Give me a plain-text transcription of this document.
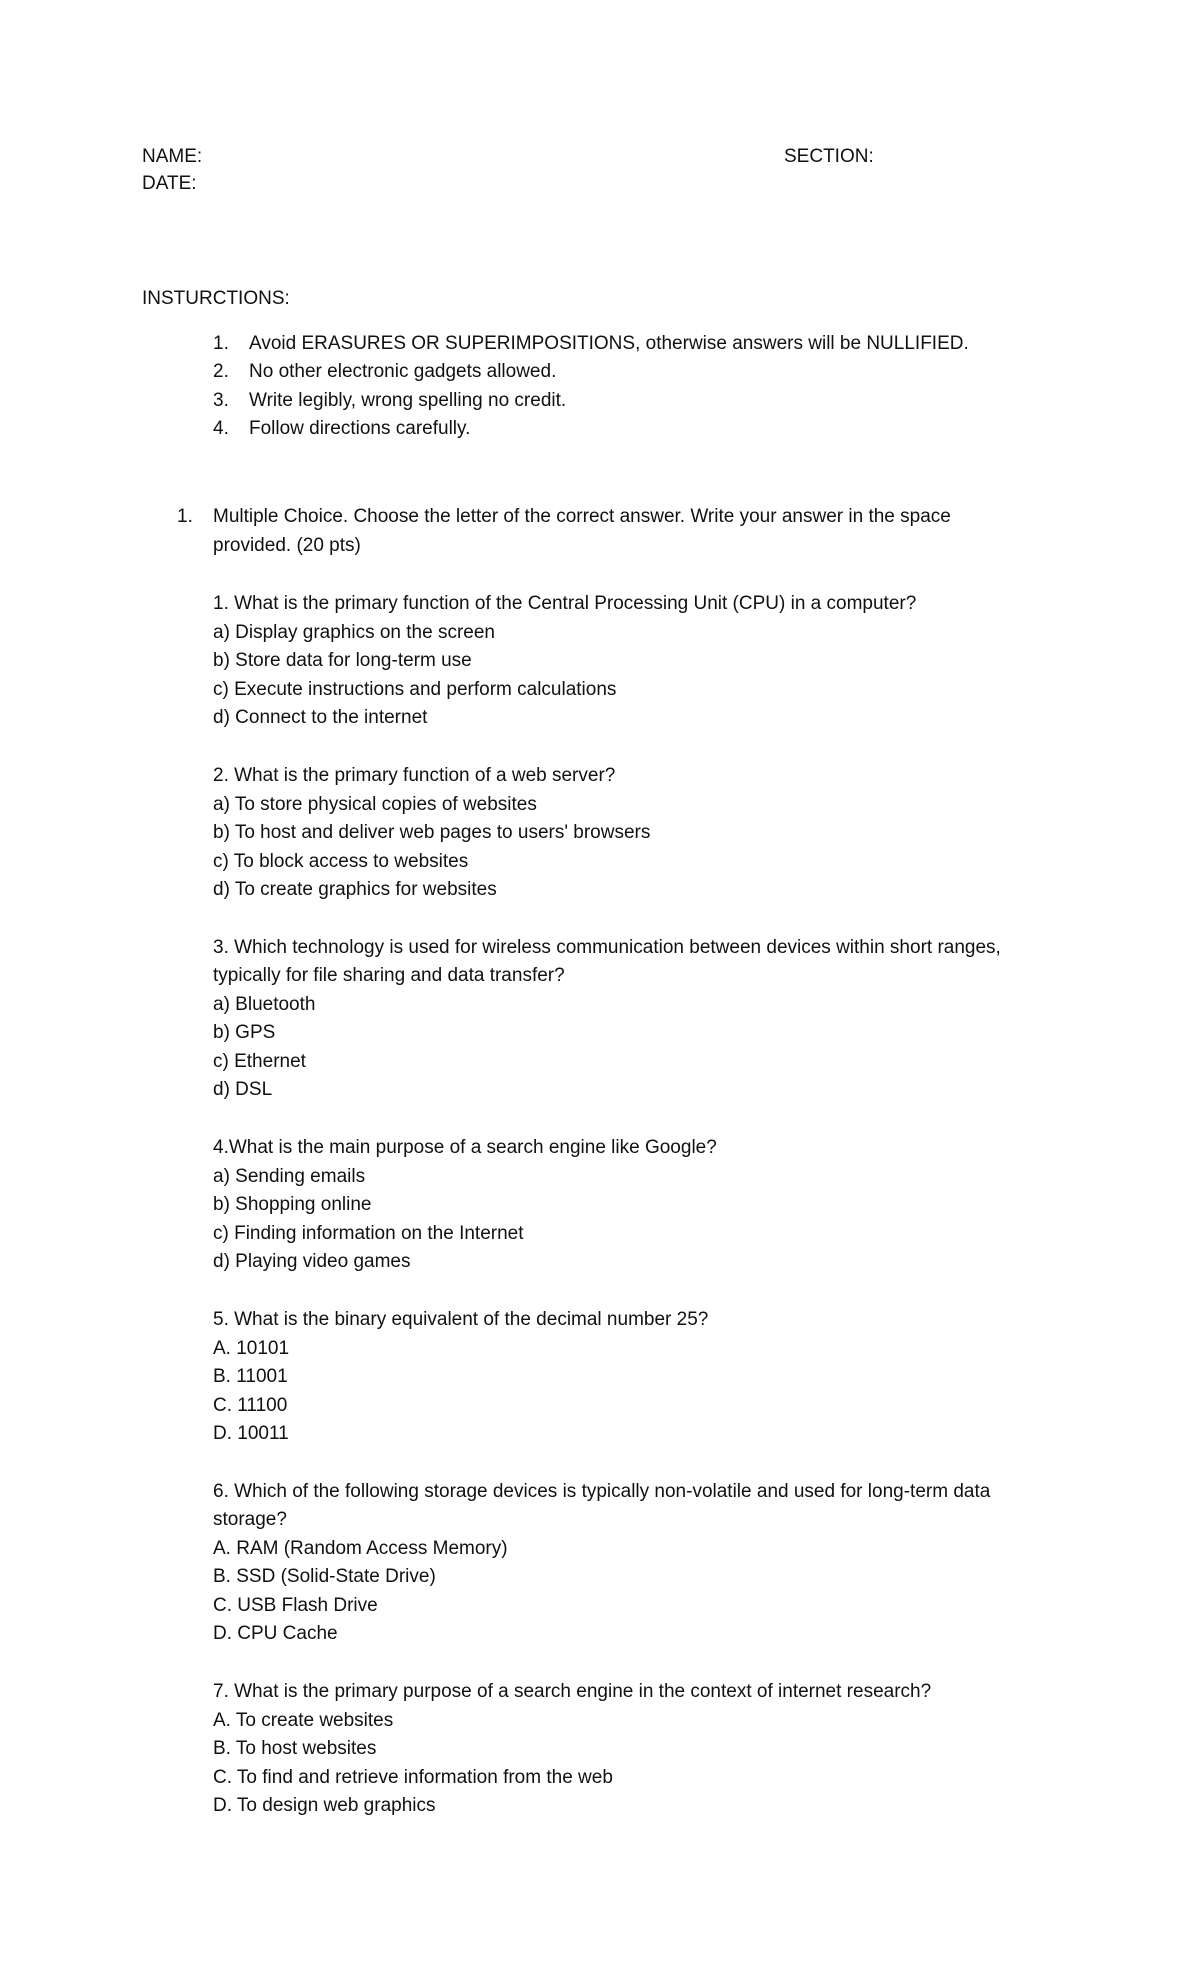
NAME:	SECTION:
DATE:
INSTURCTIONS:
1. Avoid ERASURES OR SUPERIMPOSITIONS, otherwise answers will be NULLIFIED.
2. No other electronic gadgets allowed.
3. Write legibly, wrong spelling no credit.
4. Follow directions carefully.
1. Multiple Choice. Choose the letter of the correct answer. Write your answer in the space
provided. (20 pts)
1. What is the primary function of the Central Processing Unit (CPU) in a computer?
a) Display graphics on the screen
b) Store data for long-term use
c) Execute instructions and perform calculations
d) Connect to the internet
2. What is the primary function of a web server?
a) To store physical copies of websites
b) To host and deliver web pages to users' browsers
c) To block access to websites
d) To create graphics for websites
3. Which technology is used for wireless communication between devices within short ranges,
typically for file sharing and data transfer?
a) Bluetooth
b) GPS
c) Ethernet
d) DSL
4.What is the main purpose of a search engine like Google?
a) Sending emails
b) Shopping online
c) Finding information on the Internet
d) Playing video games
5. What is the binary equivalent of the decimal number 25?
A. 10101
B. 11001
C. 11100
D. 10011
6. Which of the following storage devices is typically non-volatile and used for long-term data
storage?
A. RAM (Random Access Memory)
B. SSD (Solid-State Drive)
C. USB Flash Drive
D. CPU Cache
7. What is the primary purpose of a search engine in the context of internet research?
A. To create websites
B. To host websites
C. To find and retrieve information from the web
D. To design web graphics
